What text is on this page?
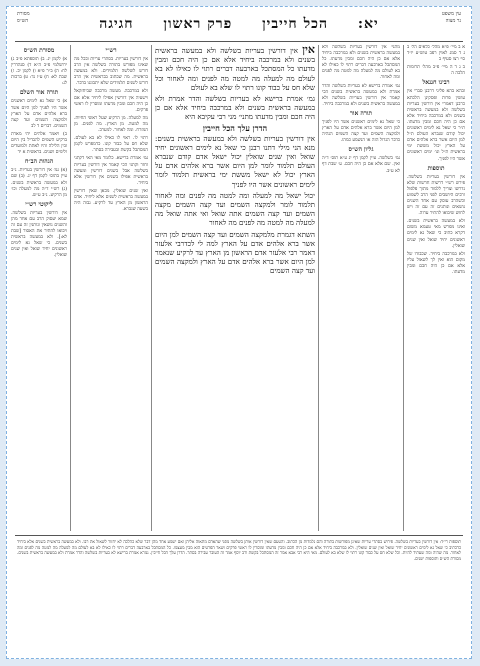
עין משפט
נר מצוה
יא: הכל חייבין פרק ראשון חגיגה
מסורת
הש״ס

א ב מיי׳ פ״א מהל׳ כלאים הל׳ ב ג ד סמג לאוין רפב טוש״ע יו״ד סי׳ רצו סעיף ב

ב ג ד ה מיי׳ פ״ב מהל׳ תרומות הלכה ה

רבינו חננאל

ובהא בהא פליגי דרבנן סברי אין עושין פרות ופסקינן הלכתא כרבנן דאמרי אין דורשין בעריות בשלשה ולא במעשה בראשית בשנים ולא במרכבה ביחיד אלא אם כן היה חכם ומבין מדעתו. ת״ר כי שאל נא לימים ראשונים יכול קודם שנברא העולם ת״ל למן היום אשר ברא אלהים אדם על הארץ יכול מששת ימי בראשית ת״ל וגו׳ ימים ראשונים אשר היו לפניך.

תוספות

אין דורשין בעריות בשלשה. פירש רש״י דרשות חדשות שלא נדרשו וצריך ללמוד מתוך פלפול ורבים היושבים לפני הרב לשמוע וכשהרב עוסק עם אחד השנים נושאים ונותנים זה עם זה ויש לחוש שיבואו להתיר ערוה.

ולא במעשה בראשית בשנים. ואינו מפרש מאי טעמא משום דקרא כתיב כי שאל נא לימים ראשונים יחיד שואל ואין שנים שואלין.

ולא במרכבה ביחיד. שכבודו של מקום הוא ואין לך לשאול עליו אלא אם כן היה חכם ומבין מדעתו.

מתני׳ אין דורשין בעריות בשלשה ולא במעשה בראשית בשנים ולא במרכבה ביחיד אלא אם כן היה חכם ומבין מדעתו. כל המסתכל בארבעה דברים רתוי לו כאילו לא בא לעולם מה למעלה מה למטה מה לפנים ומה לאחור.

גמ׳ אמרת ברישא לא בעריות בשלשה והדר אמרת ולא במעשה בראשית בשנים הכי קאמר אין דורשין בעריות בשלשה ולא במעשה בראשית בשנים ולא במרכבה ביחיד.

תורה אור

כי שאל נא לימים ראשנים אשר היו לפניך למן היום אשר ברא אלהים אדם על הארץ ולמקצה השמים ועד קצה השמים הנהיה כדבר הגדול הזה או הנשמע כמהו.

גליון הש״ס

גמ׳ בשלשה. עיין לקמן דף יג ע״א תוס׳ ד״ה ואין. שם אלא אם כן היה חכם. ע׳ שבת דף לא ע״ב.

אין אין דורשין בעריות בשלשה ולא במעשה בראשית בשנים ולא במרכבה ביחיד אלא אם כן היה חכם ומבין מדעתו כל המסתכל בארבעה דברים רתוי לו כאילו לא בא לעולם מה למעלה מה למטה מה לפנים ומה לאחור וכל שלא חס על כבוד קונו רתוי לו שלא בא לעולם

גמ׳ אמרת ברישא לא בעריות בשלשה והדר אמרת ולא במעשה בראשית בשנים ולא במרכבה ביחיד אלא אם כן היה חכם ומבין מדעתו מתני׳ מני רבי עקיבא היא

הדרן עלך הכל חייבין

אין דורשין בעריות בשלשה ולא במעשה בראשית בשנים: מנא הני מילי דתנו רבנן כי שאל נא לימים ראשונים יחיד שואל ואין שנים שואלין יכול ישאל אדם קודם שנברא העולם תלמוד לומר למן היום אשר ברא אלהים אדם על הארץ יכול לא ישאל מששת ימי בראשית תלמוד לומר לימים ראשונים אשר היו לפניך

יכול ישאל מה למעלה ומה למטה מה לפנים ומה לאחור תלמוד לומר ולמקצה השמים ועד קצה השמים מקצה השמים ועד קצה השמים אתה שואל ואי אתה שואל מה למעלה מה למטה מה לפנים מה לאחור

השתא דגמרת מלמקצה השמים ועד קצה השמים למן היום אשר ברא אלהים אדם על הארץ למה לי לכדרבי אלעזר דאמר רבי אלעזר אדם הראשון מן הארץ עד לרקיע שנאמר למן היום אשר ברא אלהים אדם על הארץ ולמקצה השמים ועד קצה השמים

רש״י

אין דורשין בעריות. בסתרי עריות ובכל מה שאינו מפורש בתורה בשלשה אין הרב דורש לשלשה תלמידים. ולא במעשה בראשית. מה שכתוב בבראשית אין הרב דורש לשנים תלמידים שלא יתבוננו בדבר.

ולא במרכבה. מעשה מרכבה שביחזקאל וישעיה אין דורשין אפילו ליחיד אלא אם כן היה חכם ומבין מדעתו ומוסרין לו ראשי פרקים.

מה למעלה. מן הרקיע שעל ראשי החיות. מה למטה. מן הארץ. מה לפנים. מן המזרח. ומה לאחור. למערב.

רתוי לו. ראוי לו כאילו לא בא לעולם. שלא חס על כבוד קונו. כדמפרש לקמן המסתכל בקשת ובעבירה בסתר.

גמ׳ אמרת ברישא. כלומר מאי האי דקתני וחזר וקתני הכי קאמר אין דורשין בעריות בשלשה אבל בשנים דורשין ומעשה בראשית אפילו בשנים אין דורשין אלא ביחיד.

ואין שנים שואלין. מכאן שאין דורשין במעשה בראשית לשנים אלא ליחיד. אדם הראשון מן הארץ עד לרקיע. גבוה היה בשעה שנברא.

מסורת הש״ס

א) לקמן יג. ב) תוספתא פ״ב ג) ירושלמי פ״ב ה״א ד) סנהדרין לח: ה) ב״ר פ״א ו) לקמן יב. ז) שבת לא: ח) ע״ז נד: ט) ברכות לג:

תורה אור השלם

א) כי שאל נא לימים ראשנים אשר היו לפניך למן היום אשר ברא אלהים אדם על הארץ ולמקצה השמים ועד קצה השמים. דברים ד לב

ב) ויאמר אלהים יהי מארת ברקיע השמים להבדיל בין היום ובין הלילה והיו לאתת ולמועדים ולימים ושנים. בראשית א יד

הגהות הב״ח

(א) גמ׳ אין דורשין בעריות. נ״ב עיין בתוס׳ לקמן דף יג. (ב) שם ולא במעשה בראשית בשנים. (ג) רש״י ד״ה מה למעלה וכו׳ מן הרקיע. נ״ב ע״ש.

ליקוטי רש״י

אין דורשין בעריות בשלשה. שמא יעסוק הרב עם אחד מהן והשנים נושאין ונותנין זה עם זה ויבואו להתיר את האסור [שבת לא:]. ולא במעשה בראשית בשנים. כי שאל נא לימים ראשונים יחיד שואל ואין שנים שואלין.

תוספות רי״ד: אין דורשין בעריות בשלשה. פירוש בסתרי עריות שאינן מפורשות בתורה והם נלמדות מן הכתוב. והטעם שאין דורשין אותן בשלשה מפני שהאדם מתאוה אליהן ואם ישמע אחד מהן דבר שלא כהלכה לא יחזור לשאול את רבו. ולא במעשה בראשית בשנים אלא ביחיד כדכתיב כי שאל נא לימים ראשונים יחיד שואל ואין שנים שואלין. ולא במרכבה ביחיד אלא אם כן היה חכם ומבין מדעתו ומוסרין לו ראשי פרקים ושאר הפרטים הוא מבין מעצמו. כל המסתכל בארבעה דברים רתוי לו כאילו לא בא לעולם מה למעלה מה למטה מה לפנים ומה לאחור. מה שהיה ומה שעתיד להיות. וכל שלא חס על כבוד קונו רתוי לו שלא בא לעולם. מאי היא רבי אבא אמר זה המסתכל בקשת ורב יוסף אמר זה העובר עבירה בסתר. הדרן עלך הכל חייבין. גמרא אמרת ברישא לא בעריות בשלשה והדר אמרת ולא במעשה בראשית בשנים. מסורת הש״ס ותוספות ישנים.
